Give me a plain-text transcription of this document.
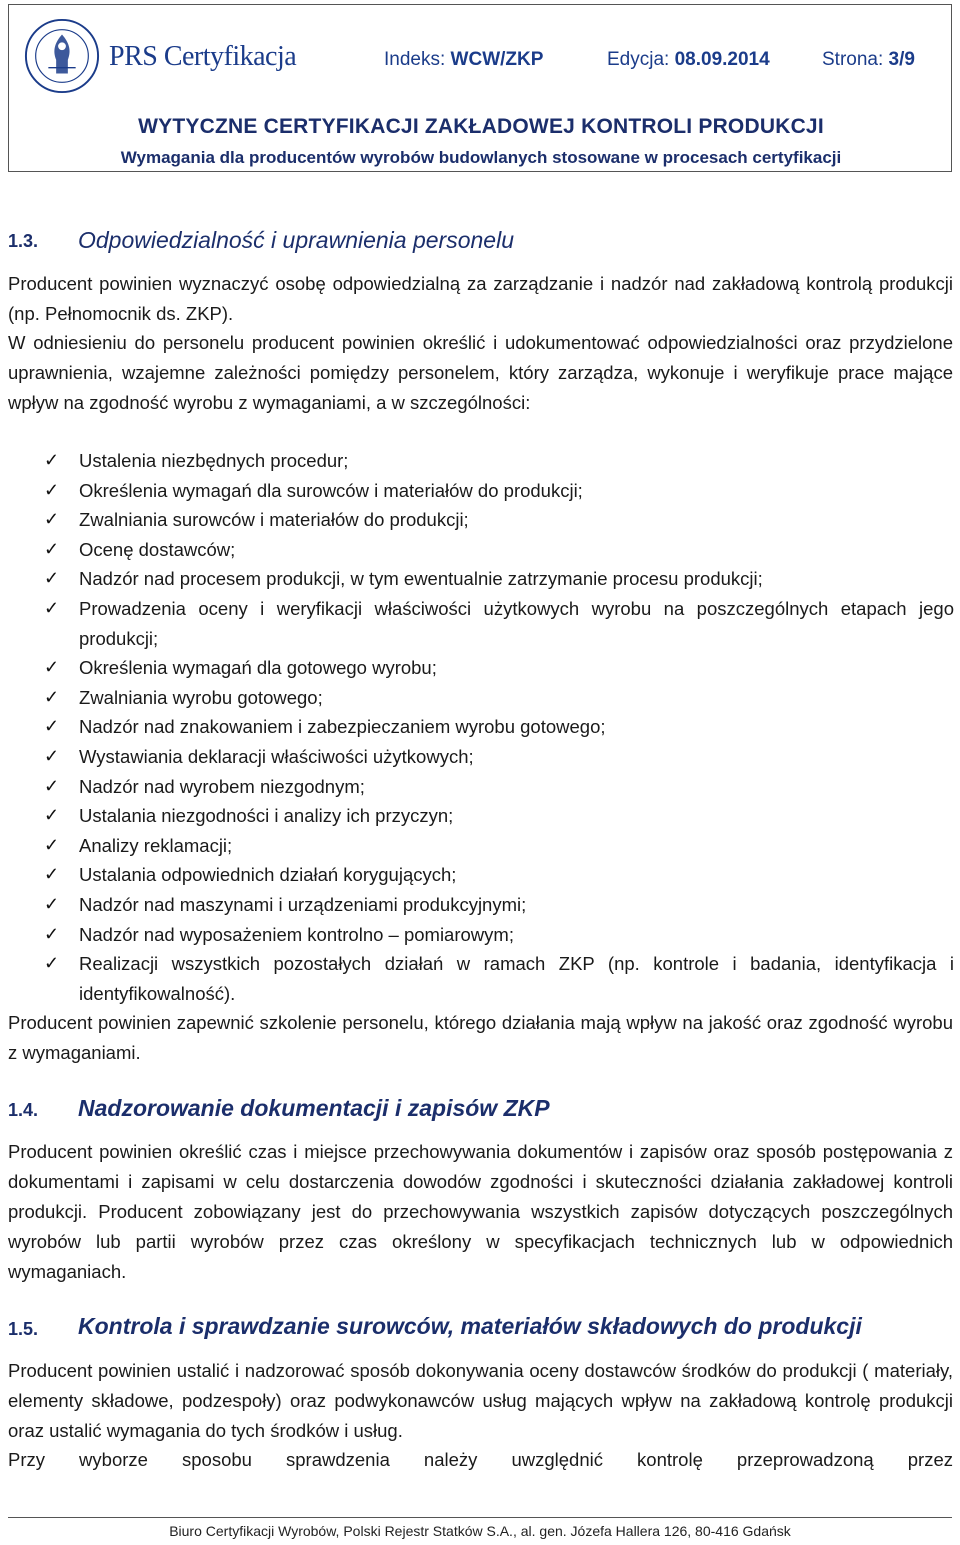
PRS Certyfikacja	Indeks: WCW/ZKP	Edycja: 08.09.2014	Strona: 3/9
WYTYCZNE CERTYFIKACJI ZAKŁADOWEJ KONTROLI PRODUKCJI
Wymagania dla producentów wyrobów budowlanych stosowane w procesach certyfikacji
1.3. Odpowiedzialność i uprawnienia personelu
Producent powinien wyznaczyć osobę odpowiedzialną za zarządzanie i nadzór nad zakładową kontrolą produkcji (np. Pełnomocnik ds. ZKP).
W odniesieniu do personelu producent powinien określić i udokumentować odpowiedzialności oraz przydzielone uprawnienia, wzajemne zależności pomiędzy personelem, który zarządza, wykonuje i weryfikuje prace mające wpływ na zgodność wyrobu z wymaganiami, a w szczególności:
✓	Ustalenia niezbędnych procedur;
✓	Określenia wymagań dla surowców i materiałów do produkcji;
✓	Zwalniania surowców i materiałów do produkcji;
✓	Ocenę dostawców;
✓	Nadzór nad procesem produkcji, w tym ewentualnie zatrzymanie procesu produkcji;
✓	Prowadzenia oceny i weryfikacji właściwości użytkowych wyrobu na poszczególnych etapach jego produkcji;
✓	Określenia wymagań dla gotowego wyrobu;
✓	Zwalniania wyrobu gotowego;
✓	Nadzór nad znakowaniem i zabezpieczaniem wyrobu gotowego;
✓	Wystawiania deklaracji właściwości użytkowych;
✓	Nadzór nad wyrobem niezgodnym;
✓	Ustalania niezgodności i analizy ich przyczyn;
✓	Analizy reklamacji;
✓	Ustalania odpowiednich działań korygujących;
✓	Nadzór nad maszynami i urządzeniami produkcyjnymi;
✓	Nadzór nad wyposażeniem kontrolno – pomiarowym;
✓	Realizacji wszystkich pozostałych działań w ramach ZKP (np. kontrole i badania, identyfikacja i identyfikowalność).
Producent powinien zapewnić szkolenie personelu, którego działania mają wpływ na jakość oraz zgodność wyrobu z wymaganiami.
1.4. Nadzorowanie dokumentacji i zapisów ZKP
Producent powinien określić czas i miejsce przechowywania dokumentów i zapisów oraz sposób postępowania z dokumentami i zapisami w celu dostarczenia dowodów zgodności i skuteczności działania zakładowej kontroli produkcji. Producent zobowiązany jest do przechowywania wszystkich zapisów dotyczących poszczególnych wyrobów lub partii wyrobów przez czas określony w specyfikacjach technicznych lub w odpowiednich wymaganiach.
1.5. Kontrola i sprawdzanie surowców, materiałów składowych do produkcji
Producent powinien ustalić i nadzorować sposób dokonywania oceny dostawców środków do produkcji ( materiały, elementy składowe, podzespoły) oraz podwykonawców usług mających wpływ na zakładową kontrolę produkcji oraz ustalić wymagania do tych środków i usług.
Przy wyborze sposobu sprawdzenia należy uwzględnić kontrolę przeprowadzoną przez
Biuro Certyfikacji Wyrobów, Polski Rejestr Statków S.A., al. gen. Józefa Hallera 126, 80-416 Gdańsk
